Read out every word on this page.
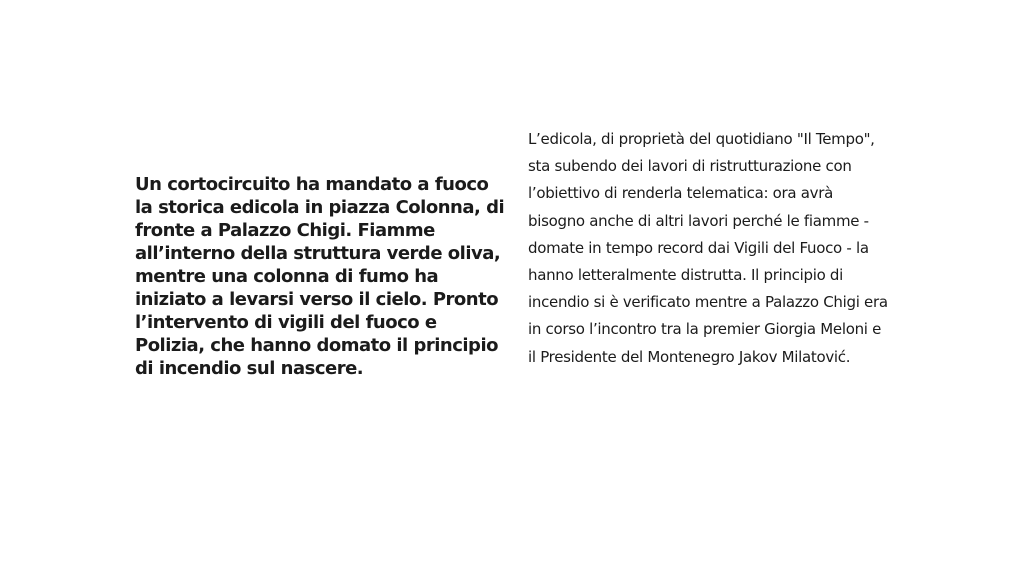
Un cortocircuito ha mandato a fuoco la storica edicola in piazza Colonna, di fronte a Palazzo Chigi. Fiamme all’interno della struttura verde oliva, mentre una colonna di fumo ha iniziato a levarsi verso il cielo. Pronto l’intervento di vigili del fuoco e Polizia, che hanno domato il principio di incendio sul nascere.

L’edicola, di proprietà del quotidiano "Il Tempo", sta subendo dei lavori di ristrutturazione con l’obiettivo di renderla telematica: ora avrà bisogno anche di altri lavori perché le fiamme - domate in tempo record dai Vigili del Fuoco - la hanno letteralmente distrutta. Il principio di incendio si è verificato mentre a Palazzo Chigi era in corso l’incontro tra la premier Giorgia Meloni e il Presidente del Montenegro Jakov Milatović.
